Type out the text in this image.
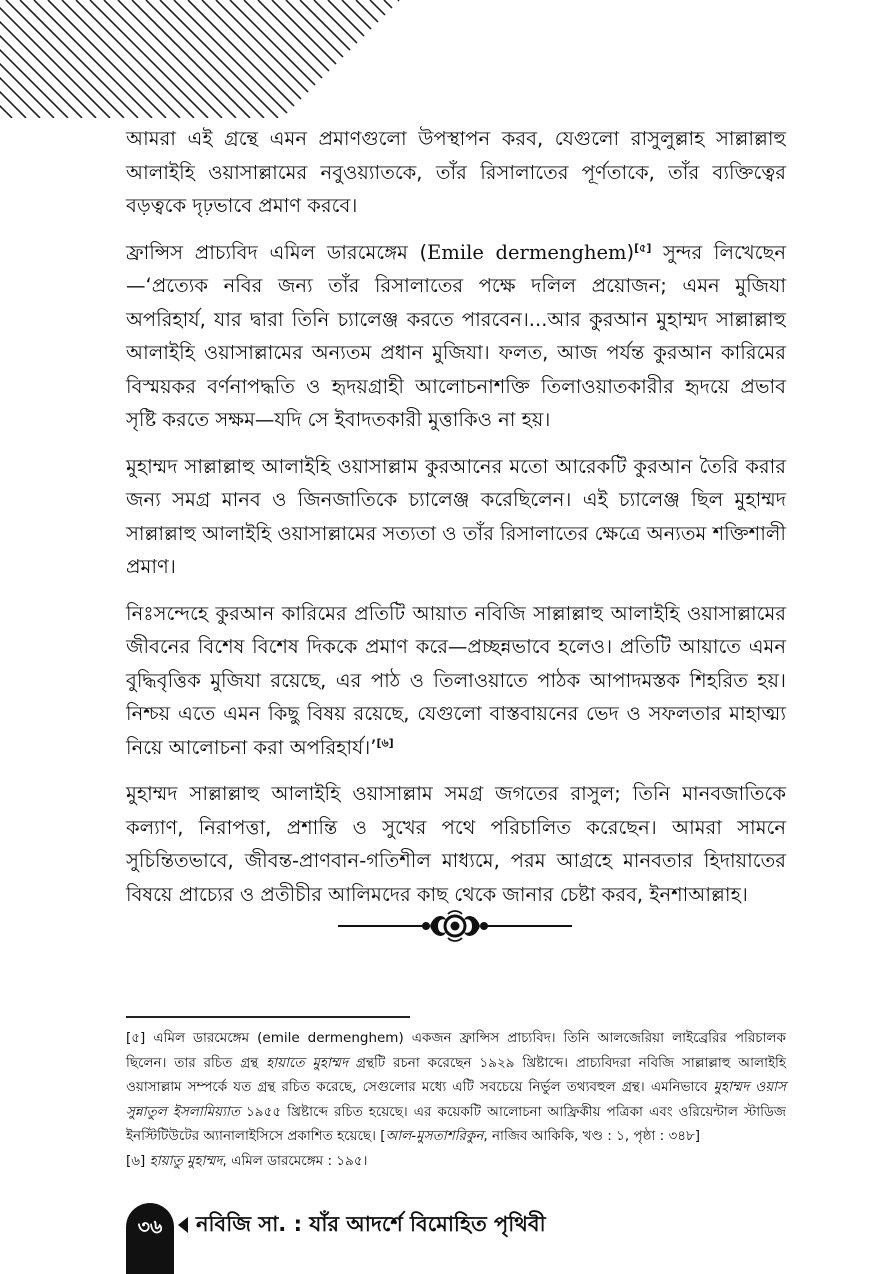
আমরা এই গ্রন্থে এমন প্রমাণগুলো উপস্থাপন করব, যেগুলো রাসুলুল্লাহ সাল্লাল্লাহু আলাইহি ওয়াসাল্লামের নবুওয়্যাতকে, তাঁর রিসালাতের পূর্ণতাকে, তাঁর ব্যক্তিত্বের বড়ত্বকে দৃঢ়ভাবে প্রমাণ করবে।

ফ্রান্সিস প্রাচ্যবিদ এমিল ডারমেঙ্গেম (Emile dermenghem)[৫] সুন্দর লিখেছেন—‘প্রত্যেক নবির জন্য তাঁর রিসালাতের পক্ষে দলিল প্রয়োজন; এমন মুজিযা অপরিহার্য, যার দ্বারা তিনি চ্যালেঞ্জ করতে পারবেন।...আর কুরআন মুহাম্মদ সাল্লাল্লাহু আলাইহি ওয়াসাল্লামের অন্যতম প্রধান মুজিযা। ফলত, আজ পর্যন্ত কুরআন কারিমের বিস্ময়কর বর্ণনাপদ্ধতি ও হৃদয়গ্রাহী আলোচনাশক্তি তিলাওয়াতকারীর হৃদয়ে প্রভাব সৃষ্টি করতে সক্ষম—যদি সে ইবাদতকারী মুত্তাকিও না হয়।

মুহাম্মদ সাল্লাল্লাহু আলাইহি ওয়াসাল্লাম কুরআনের মতো আরেকটি কুরআন তৈরি করার জন্য সমগ্র মানব ও জিনজাতিকে চ্যালেঞ্জ করেছিলেন। এই চ্যালেঞ্জ ছিল মুহাম্মদ সাল্লাল্লাহু আলাইহি ওয়াসাল্লামের সত্যতা ও তাঁর রিসালাতের ক্ষেত্রে অন্যতম শক্তিশালী প্রমাণ।

নিঃসন্দেহে কুরআন কারিমের প্রতিটি আয়াত নবিজি সাল্লাল্লাহু আলাইহি ওয়াসাল্লামের জীবনের বিশেষ বিশেষ দিককে প্রমাণ করে—প্রচ্ছন্নভাবে হলেও। প্রতিটি আয়াতে এমন বুদ্ধিবৃত্তিক মুজিযা রয়েছে, এর পাঠ ও তিলাওয়াতে পাঠক আপাদমস্তক শিহরিত হয়। নিশ্চয় এতে এমন কিছু বিষয় রয়েছে, যেগুলো বাস্তবায়নের ভেদ ও সফলতার মাহাত্ম্য নিয়ে আলোচনা করা অপরিহার্য।’[৬]

মুহাম্মদ সাল্লাল্লাহু আলাইহি ওয়াসাল্লাম সমগ্র জগতের রাসুল; তিনি মানবজাতিকে কল্যাণ, নিরাপত্তা, প্রশান্তি ও সুখের পথে পরিচালিত করেছেন। আমরা সামনে সুচিন্তিতভাবে, জীবন্ত-প্রাণবান-গতিশীল মাধ্যমে, পরম আগ্রহে মানবতার হিদায়াতের বিষয়ে প্রাচ্যের ও প্রতীচীর আলিমদের কাছ থেকে জানার চেষ্টা করব, ইনশাআল্লাহ।

[৫] এমিল ডারমেঙ্গেম (emile dermenghem) একজন ফ্রান্সিস প্রাচ্যবিদ। তিনি আলজেরিয়া লাইব্রেরির পরিচালক ছিলেন। তার রচিত গ্রন্থ হায়াতে মুহাম্মদ গ্রন্থটি রচনা করেছেন ১৯২৯ খ্রিষ্টাব্দে। প্রাচ্যবিদরা নবিজি সাল্লাল্লাহু আলাইহি ওয়াসাল্লাম সম্পর্কে যত গ্রন্থ রচিত করেছে, সেগুলোর মধ্যে এটি সবচেয়ে নির্ভুল তথ্যবহুল গ্রন্থ। এমনিভাবে মুহাম্মদ ওয়াস সুন্নাতুল ইসলামিয়্যাত ১৯৫৫ খ্রিষ্টাব্দে রচিত হয়েছে। এর কয়েকটি আলোচনা আফ্রিকীয় পত্রিকা এবং ওরিয়েন্টাল স্টাডিজ ইনস্টিটিউটের অ্যানালাইসিসে প্রকাশিত হয়েছে। [আল-মুসতাশরিকুন, নাজিব আকিকি, খণ্ড : ১, পৃষ্ঠা : ৩৪৮]

[৬] হায়াতু মুহাম্মদ, এমিল ডারমেঙ্গেম : ১৯৫।

৩৬	নবিজি সা. : যাঁর আদর্শে বিমোহিত পৃথিবী
